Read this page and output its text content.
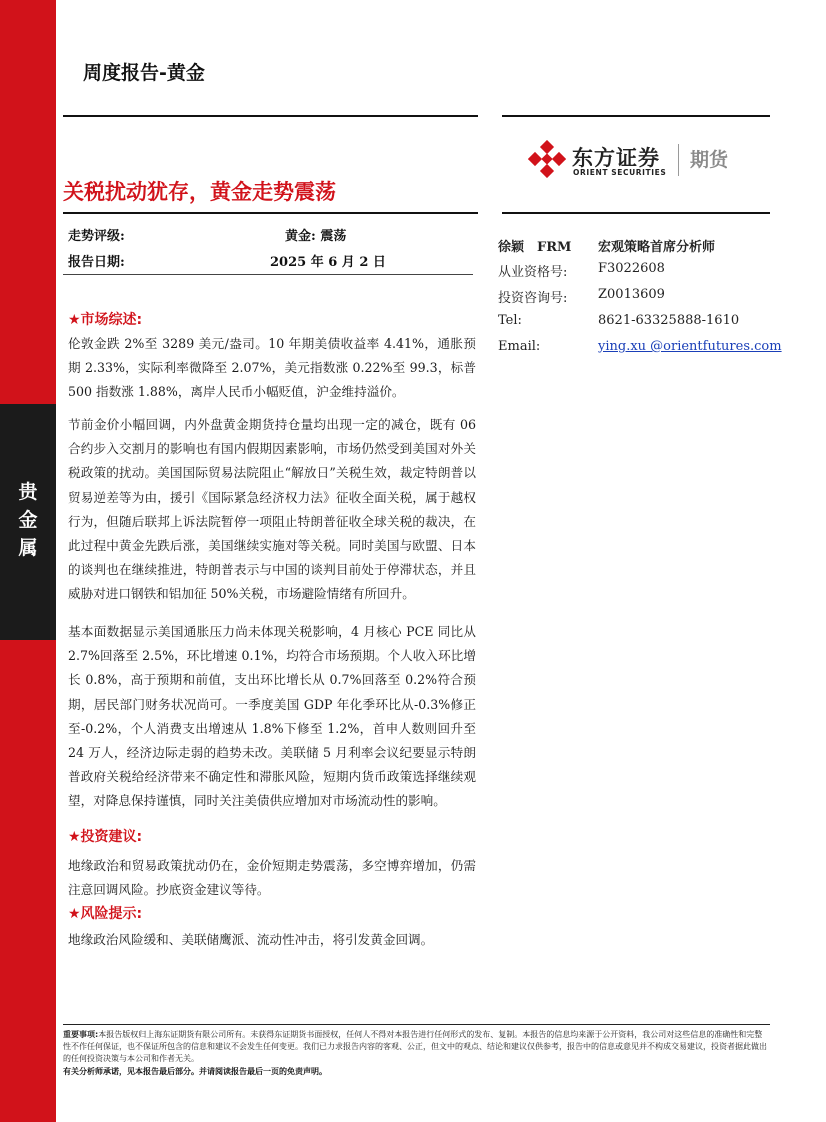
贵
金
属
周度报告-黄金
东方证券
ORIENT SECURITIES
期货
关税扰动犹存，黄金走势震荡
走势评级:	黄金: 震荡
报告日期:	2025 年 6 月 2 日
徐颖　FRM 宏观策略首席分析师
从业资格号: F3022608
投资咨询号: Z0013609
Tel:	8621-63325888-1610
Email:	ying.xu @orientfutures.com
★市场综述:
伦敦金跌 2%至 3289 美元/盎司。10 年期美债收益率 4.41%，通胀预期 2.33%，实际利率微降至 2.07%，美元指数涨 0.22%至 99.3，标普 500 指数涨 1.88%，离岸人民币小幅贬值，沪金维持溢价。
节前金价小幅回调，内外盘黄金期货持仓量均出现一定的减仓，既有 06 合约步入交割月的影响也有国内假期因素影响，市场仍然受到美国对外关税政策的扰动。美国国际贸易法院阻止“解放日”关税生效，裁定特朗普以贸易逆差等为由，援引《国际紧急经济权力法》征收全面关税，属于越权行为，但随后联邦上诉法院暂停一项阻止特朗普征收全球关税的裁决，在此过程中黄金先跌后涨，美国继续实施对等关税。同时美国与欧盟、日本的谈判也在继续推进，特朗普表示与中国的谈判目前处于停滞状态，并且威胁对进口钢铁和铝加征 50%关税，市场避险情绪有所回升。
基本面数据显示美国通胀压力尚未体现关税影响，4 月核心 PCE 同比从 2.7%回落至 2.5%，环比增速 0.1%，均符合市场预期。个人收入环比增长 0.8%，高于预期和前值，支出环比增长从 0.7%回落至 0.2%符合预期，居民部门财务状况尚可。一季度美国 GDP 年化季环比从-0.3%修正至-0.2%，个人消费支出增速从 1.8%下修至 1.2%，首申人数则回升至 24 万人，经济边际走弱的趋势未改。美联储 5 月利率会议纪要显示特朗普政府关税给经济带来不确定性和滞胀风险，短期内货币政策选择继续观望，对降息保持谨慎，同时关注美债供应增加对市场流动性的影响。
★投资建议:
地缘政治和贸易政策扰动仍在，金价短期走势震荡，多空博弈增加，仍需注意回调风险。抄底资金建议等待。
★风险提示:
地缘政治风险缓和、美联储鹰派、流动性冲击，将引发黄金回调。
重要事项:本报告版权归上海东证期货有限公司所有。未获得东证期货书面授权，任何人不得对本报告进行任何形式的发布、复制。本报告的信息均来源于公开资料，我公司对这些信息的准确性和完整性不作任何保证，也不保证所包含的信息和建议不会发生任何变更。我们已力求报告内容的客观、公正，但文中的观点、结论和建议仅供参考，报告中的信息或意见并不构成交易建议，投资者据此做出的任何投资决策与本公司和作者无关。
有关分析师承诺，见本报告最后部分。并请阅读报告最后一页的免责声明。
